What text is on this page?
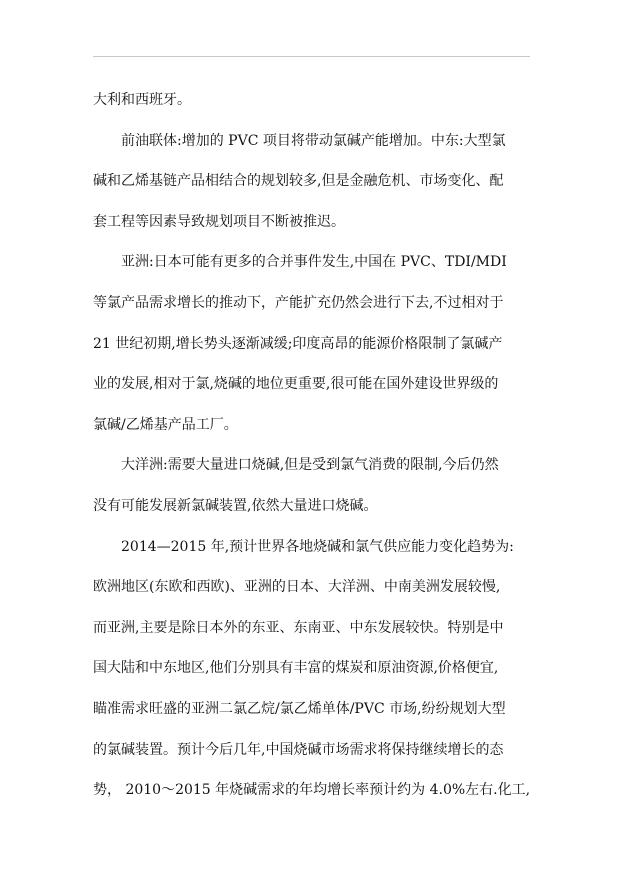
大利和西班牙。
前油联体:增加的 PVC 项目将带动氯碱产能增加。中东:大型氯
碱和乙烯基链产品相结合的规划较多,但是金融危机、市场变化、配
套工程等因素导致规划项目不断被推迟。
亚洲:日本可能有更多的合并事件发生,中国在 PVC、TDI/MDI
等氯产品需求增长的推动下，产能扩充仍然会进行下去,不过相对于
21 世纪初期,增长势头逐渐减缓;印度高昂的能源价格限制了氯碱产
业的发展,相对于氯,烧碱的地位更重要,很可能在国外建设世界级的
氯碱/乙烯基产品工厂。
大洋洲:需要大量进口烧碱,但是受到氯气消费的限制,今后仍然
没有可能发展新氯碱装置,依然大量进口烧碱。
2014—2015 年,预计世界各地烧碱和氯气供应能力变化趋势为:
欧洲地区(东欧和西欧)、亚洲的日本、大洋洲、中南美洲发展较慢,
而亚洲,主要是除日本外的东亚、东南亚、中东发展较快。特别是中
国大陆和中东地区,他们分别具有丰富的煤炭和原油资源,价格便宜,
瞄准需求旺盛的亚洲二氯乙烷/氯乙烯单体/PVC 市场,纷纷规划大型
的氯碱装置。预计今后几年,中国烧碱市场需求将保持继续增长的态
势， 2010～2015 年烧碱需求的年均增长率预计约为 4.0%左右.化工,
